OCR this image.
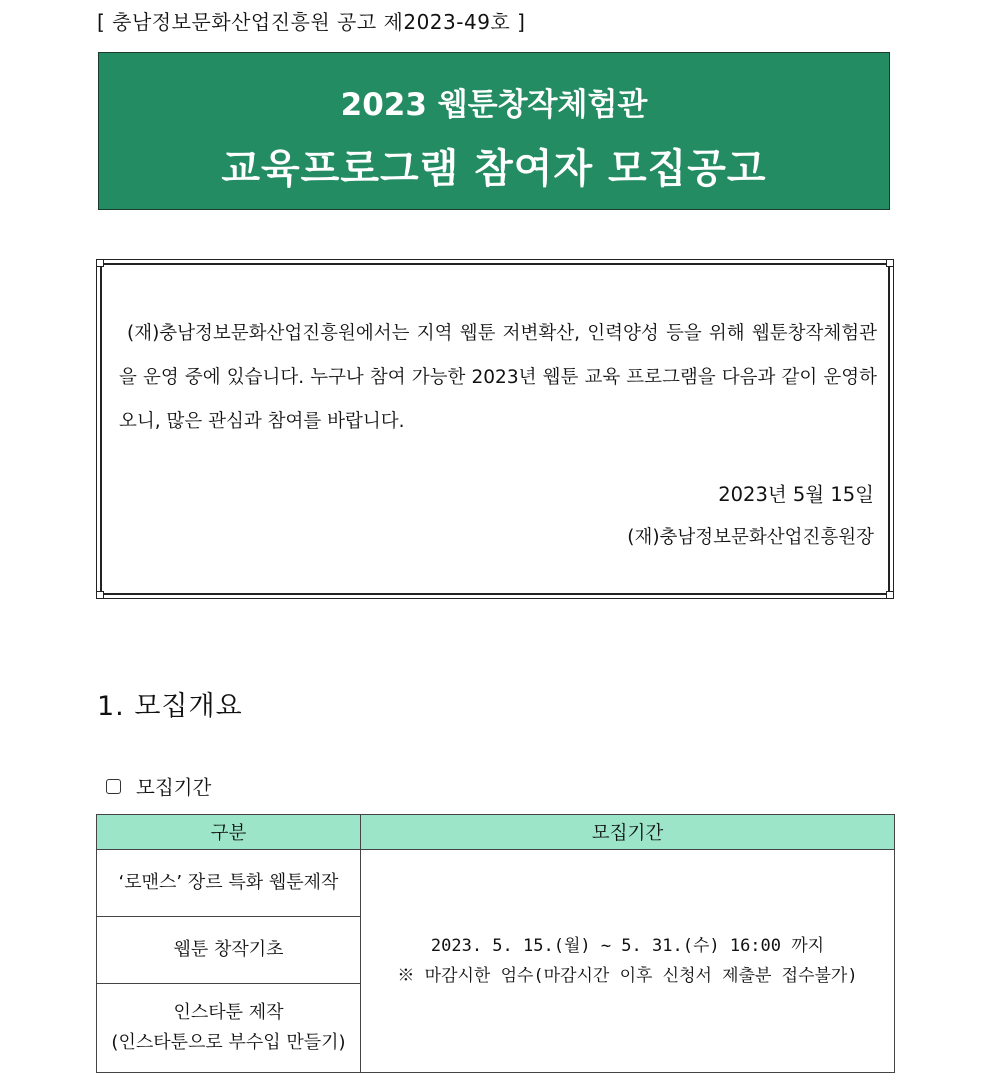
[ 충남정보문화산업진흥원 공고 제2023-49호 ]
2023 웹툰창작체험관
교육프로그램 참여자 모집공고
(재)충남정보문화산업진흥원에서는 지역 웹툰 저변확산, 인력양성 등을 위해 웹툰창작체험관을 운영 중에 있습니다. 누구나 참여 가능한 2023년 웹툰 교육 프로그램을 다음과 같이 운영하오니, 많은 관심과 참여를 바랍니다.
2023년 5월 15일
(재)충남정보문화산업진흥원장
1. 모집개요
모집기간
구분	모집기간
‘로맨스’ 장르 특화 웹툰제작	2023. 5. 15.(월) ~ 5. 31.(수) 16:00 까지
※ 마감시한 엄수(마감시간 이후 신청서 제출분 접수불가)

웹툰 창작기초	

인스타툰 제작
(인스타툰으로 부수입 만들기)	
